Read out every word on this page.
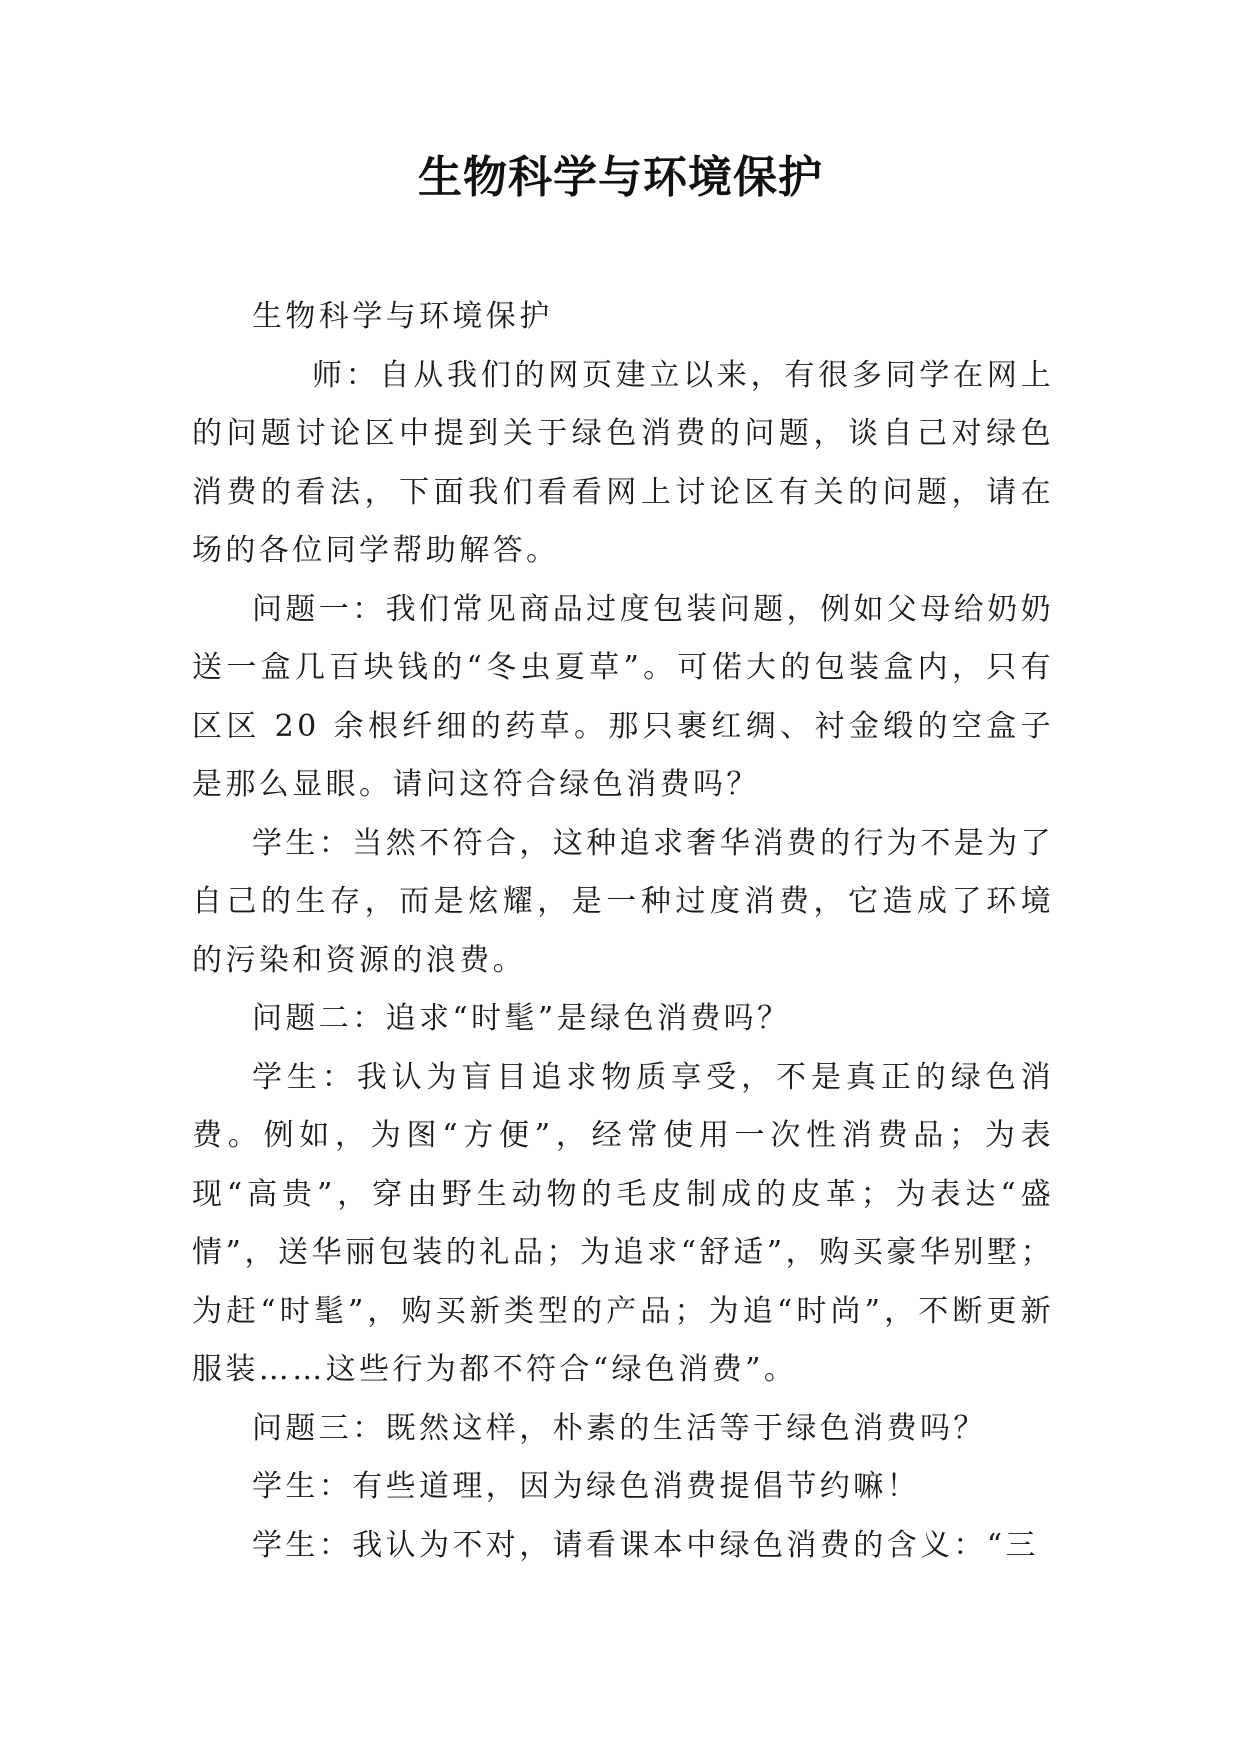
生物科学与环境保护

生物科学与环境保护

师：自从我们的网页建立以来，有很多同学在网上的问题讨论区中提到关于绿色消费的问题，谈自己对绿色消费的看法，下面我们看看网上讨论区有关的问题，请在场的各位同学帮助解答。

问题一：我们常见商品过度包装问题，例如父母给奶奶送一盒几百块钱的“冬虫夏草”。可偌大的包装盒内，只有区区 20 余根纤细的药草。那只裹红绸、衬金缎的空盒子是那么显眼。请问这符合绿色消费吗？

学生：当然不符合，这种追求奢华消费的行为不是为了自己的生存，而是炫耀，是一种过度消费，它造成了环境的污染和资源的浪费。

问题二：追求“时髦”是绿色消费吗？

学生：我认为盲目追求物质享受，不是真正的绿色消费。例如，为图“方便”，经常使用一次性消费品；为表现“高贵”，穿由野生动物的毛皮制成的皮革；为表达“盛情”，送华丽包装的礼品；为追求“舒适”，购买豪华别墅；为赶“时髦”，购买新类型的产品；为追“时尚”，不断更新服装……这些行为都不符合“绿色消费”。

问题三：既然这样，朴素的生活等于绿色消费吗？

学生：有些道理，因为绿色消费提倡节约嘛！

学生：我认为不对，请看课本中绿色消费的含义：“三
